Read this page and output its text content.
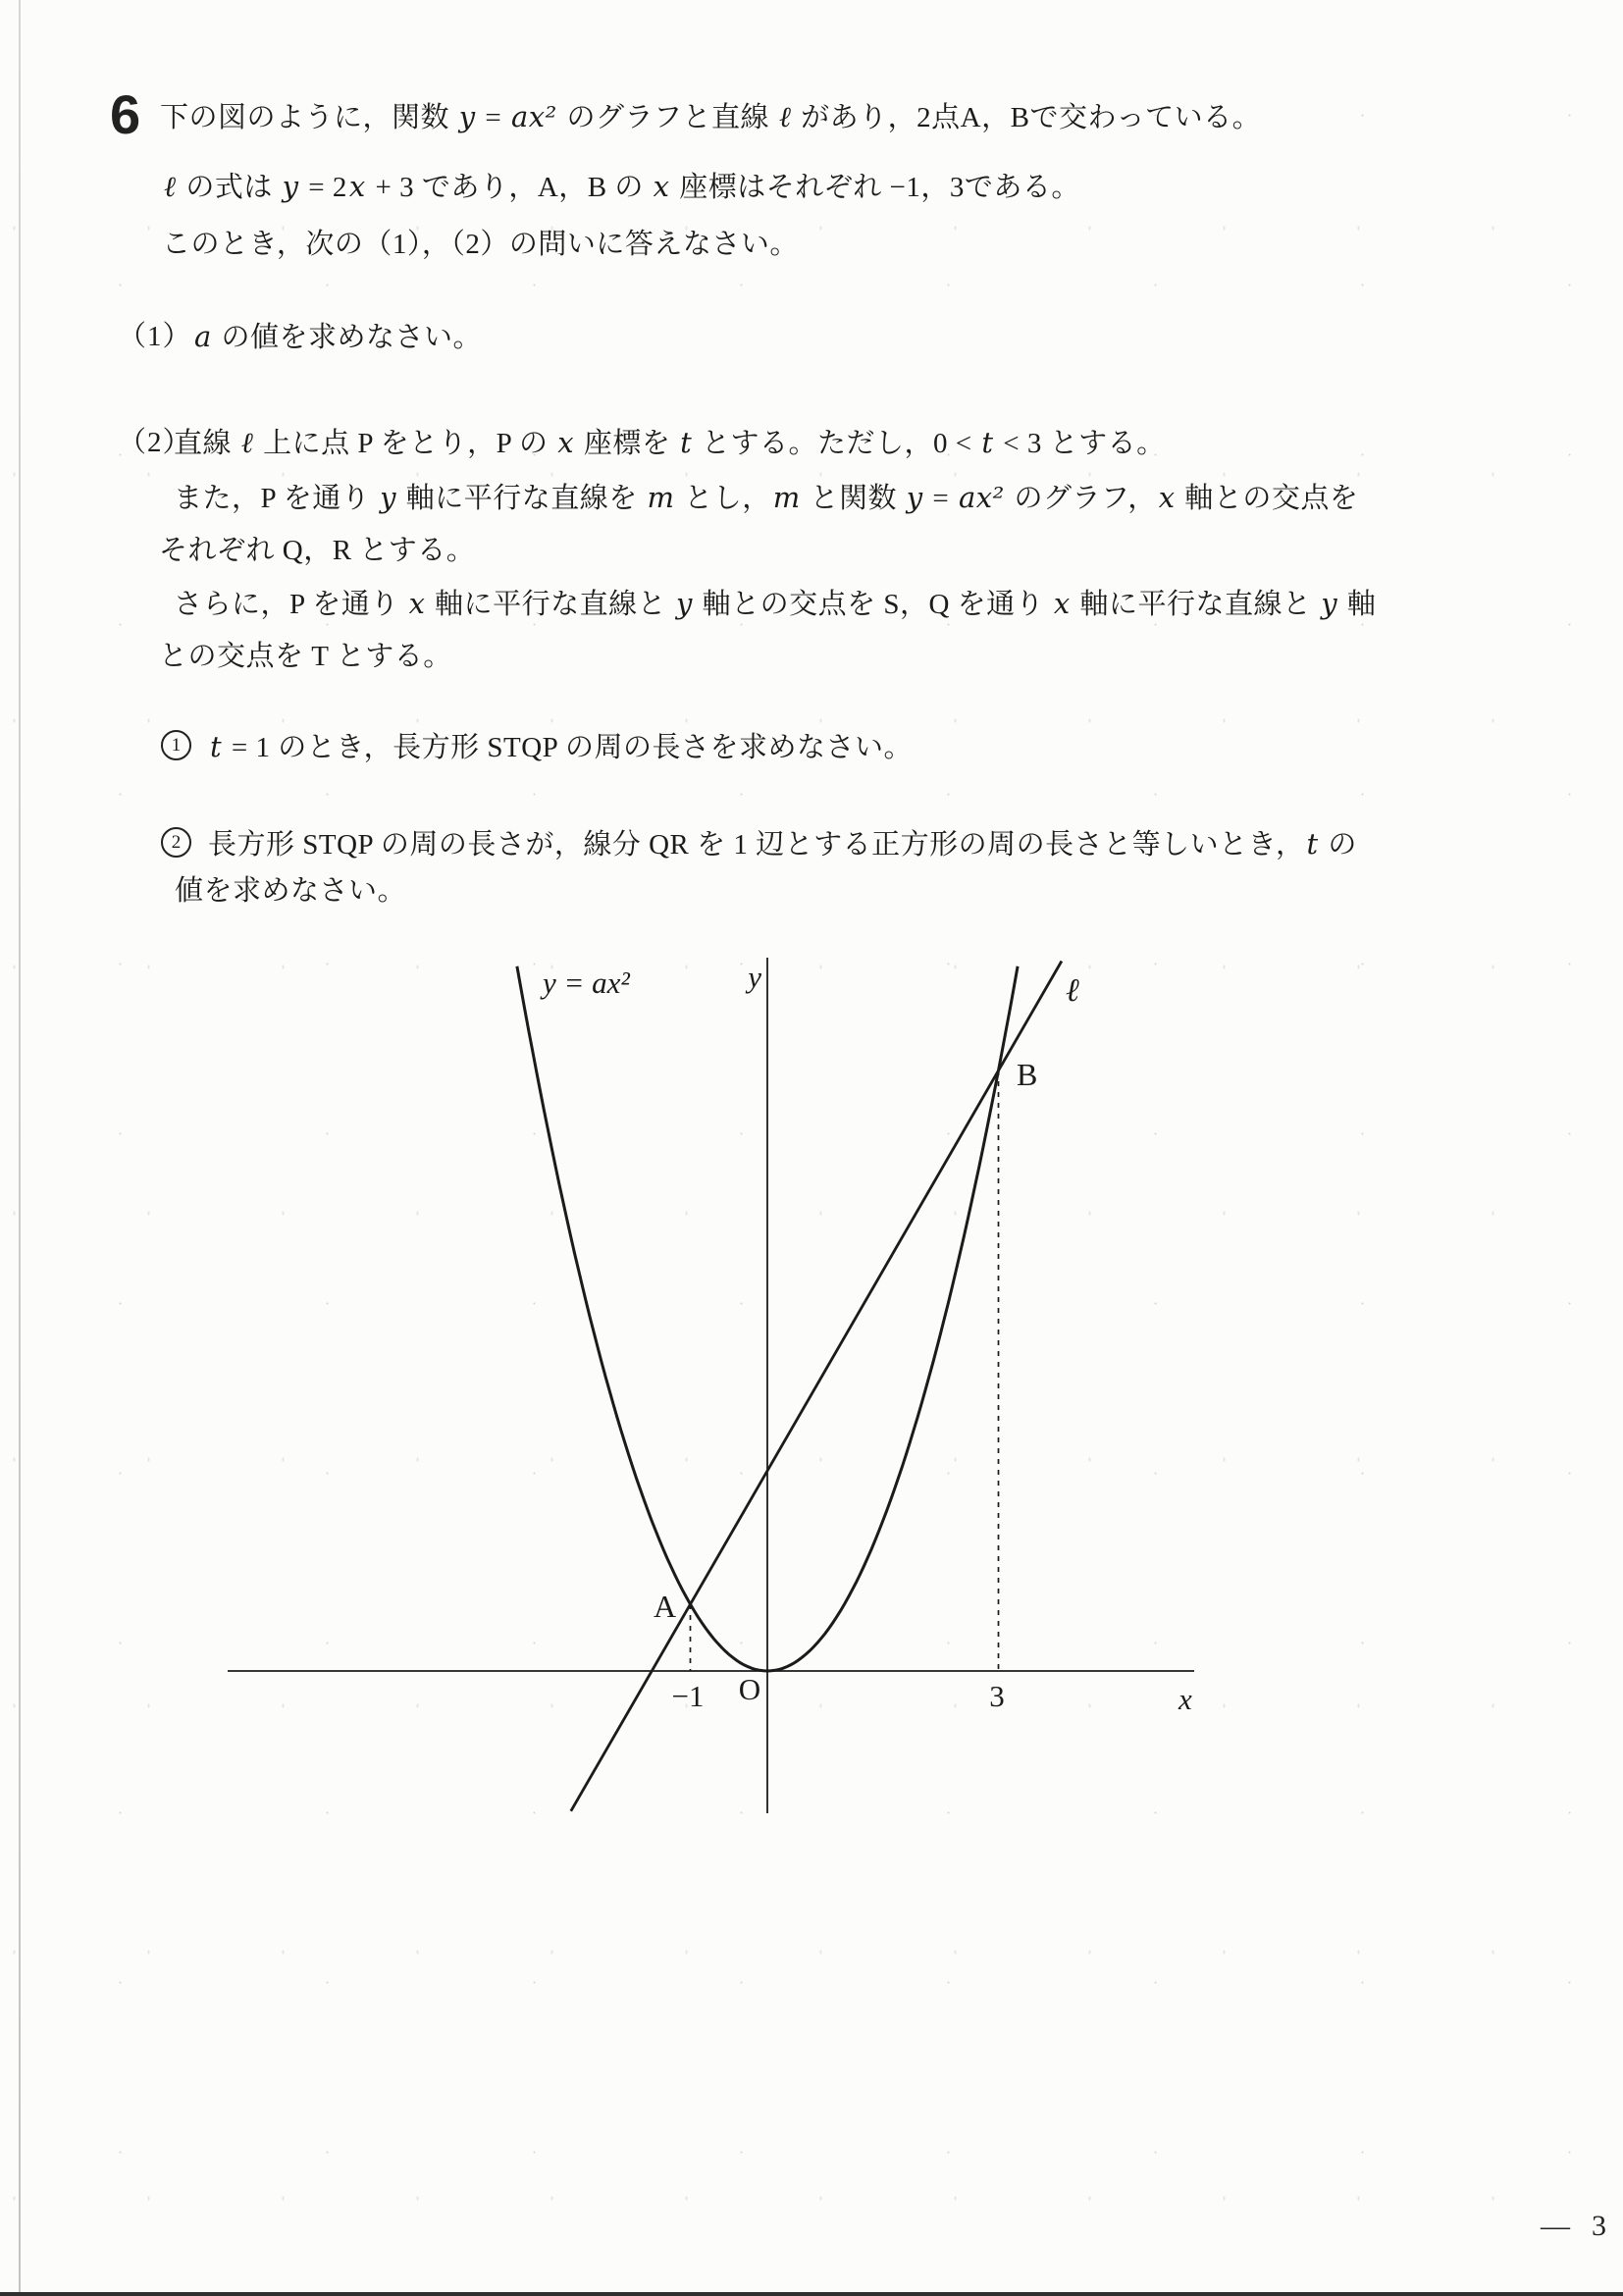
6 下の図のように，関数 y = ax² のグラフと直線 ℓ があり，2点A，Bで交わっている。
ℓ の式は y = 2x + 3 であり，A，B の x 座標はそれぞれ −1，3である。
このとき，次の（1），（2）の問いに答えなさい。
（1） a の値を求めなさい。
（2）
直線 ℓ 上に点 P をとり，P の x 座標を t とする。ただし，0 < t < 3 とする。
また，P を通り y 軸に平行な直線を m とし，m と関数 y = ax² のグラフ，x 軸との交点を
それぞれ Q，R とする。
さらに，P を通り x 軸に平行な直線と y 軸との交点を S，Q を通り x 軸に平行な直線と y 軸
との交点を T とする。
1	t = 1 のとき，長方形 STQP の周の長さを求めなさい。
2 長方形 STQP の周の長さが，線分 QR を 1 辺とする正方形の周の長さと等しいとき，t の
値を求めなさい。
y = ax²	y	ℓ
B
A
−1 O	3	x
— 3
